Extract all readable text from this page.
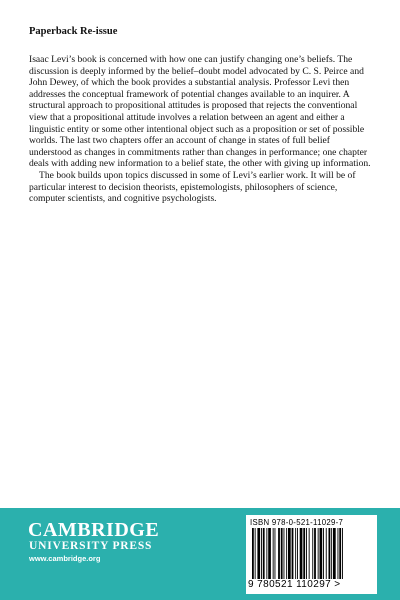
Paperback Re-issue

Isaac Levi’s book is concerned with how one can justify changing one’s beliefs. The discussion is deeply informed by the belief–doubt model advocated by C. S. Peirce and John Dewey, of which the book provides a substantial analysis. Professor Levi then addresses the conceptual framework of potential changes available to an inquirer. A structural approach to propositional attitudes is proposed that rejects the conventional view that a propositional attitude involves a relation between an agent and either a linguistic entity or some other intentional object such as a proposition or set of possible worlds. The last two chapters offer an account of change in states of full belief understood as changes in commitments rather than changes in performance; one chapter deals with adding new information to a belief state, the other with giving up information.

The book builds upon topics discussed in some of Levi’s earlier work. It will be of particular interest to decision theorists, epistemologists, philosophers of science, computer scientists, and cognitive psychologists.

CAMBRIDGE
UNIVERSITY PRESS
www.cambridge.org
ISBN 978-0-521-11029-7
9 780521 110297 >
